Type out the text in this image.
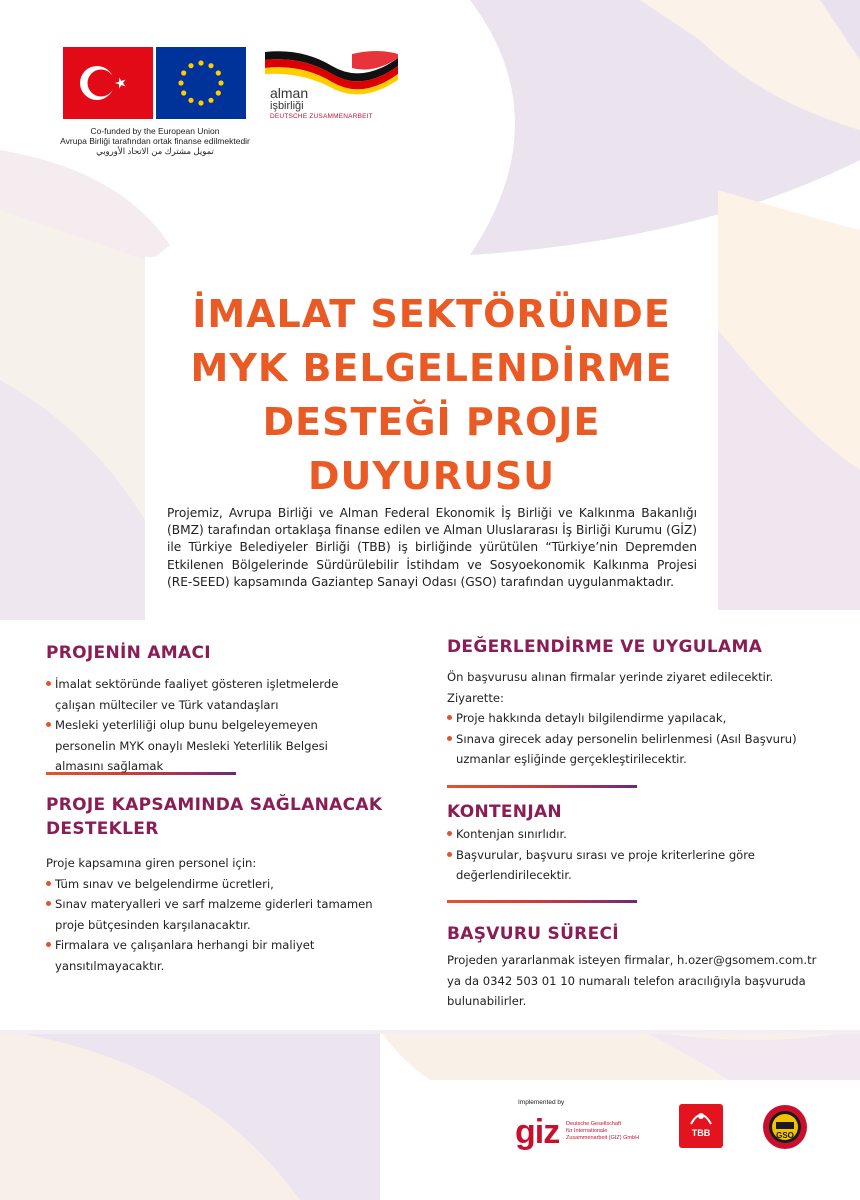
Co-funded by the European Union
Avrupa Birliği tarafından ortak finanse edilmektedir
تمويل مشترك من الاتحاد الأوروبي
alman
işbirliği
DEUTSCHE ZUSAMMENARBEIT
İMALAT SEKTÖRÜNDE
MYK BELGELENDİRME
DESTEĞİ PROJE
DUYURUSU
Projemiz, Avrupa Birliği ve Alman Federal Ekonomik İş Birliği ve Kalkınma Bakanlığı (BMZ) tarafından ortaklaşa finanse edilen ve Alman Uluslararası İş Birliği Kurumu (GİZ) ile Türkiye Belediyeler Birliği (TBB) iş birliğinde yürütülen “Türkiye’nin Depremden Etkilenen Bölgelerinde Sürdürülebilir İstihdam ve Sosyoekonomik Kalkınma Projesi (RE-SEED) kapsamında Gaziantep Sanayi Odası (GSO) tarafından uygulanmaktadır.
PROJENİN AMACI
İmalat sektöründe faaliyet gösteren işletmelerde çalışan mülteciler ve Türk vatandaşları
Mesleki yeterliliği olup bunu belgeleyemeyen personelin MYK onaylı Mesleki Yeterlilik Belgesi almasını sağlamak
PROJE KAPSAMINDA SAĞLANACAK
DESTEKLER
Proje kapsamına giren personel için:
Tüm sınav ve belgelendirme ücretleri,
Sınav materyalleri ve sarf malzeme giderleri tamamen proje bütçesinden karşılanacaktır.
Firmalara ve çalışanlara herhangi bir maliyet yansıtılmayacaktır.
DEĞERLENDİRME VE UYGULAMA
Ön başvurusu alınan firmalar yerinde ziyaret edilecektir.
Ziyarette:
Proje hakkında detaylı bilgilendirme yapılacak,
Sınava girecek aday personelin belirlenmesi (Asıl Başvuru) uzmanlar eşliğinde gerçekleştirilecektir.
KONTENJAN
Kontenjan sınırlıdır.
Başvurular, başvuru sırası ve proje kriterlerine göre değerlendirilecektir.
BAŞVURU SÜRECİ
Projeden yararlanmak isteyen firmalar, h.ozer@gsomem.com.tr ya da 0342 503 01 10 numaralı telefon aracılığıyla başvuruda bulunabilirler.
Implemented by
giz Deutsche Gesellschaft
für Internationale
Zusammenarbeit (GIZ) GmbH	TBB	GSO
